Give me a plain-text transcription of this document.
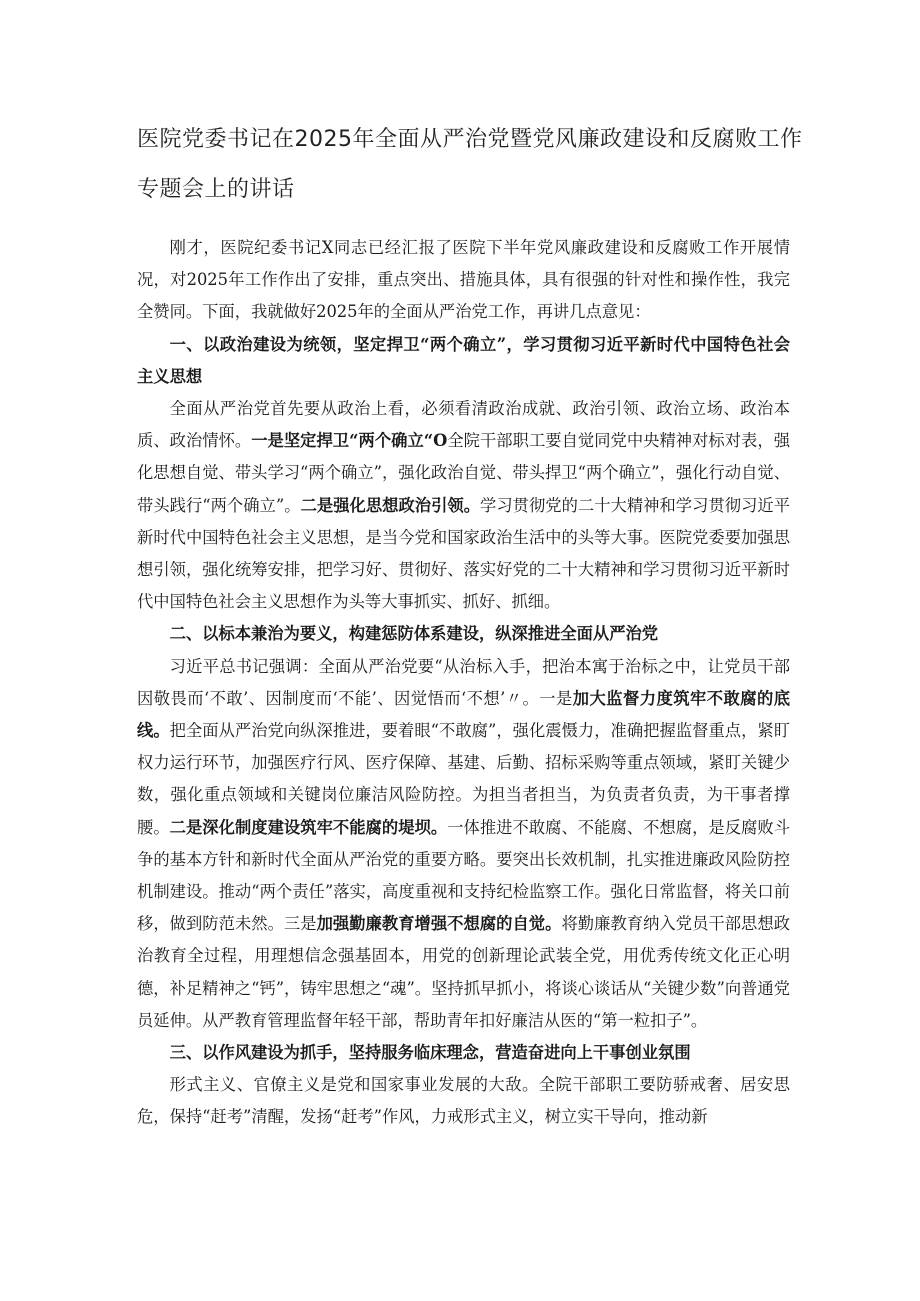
医院党委书记在2025年全面从严治党暨党风廉政建设和反腐败工作
专题会上的讲话

刚才，医院纪委书记X同志已经汇报了医院下半年党风廉政建设和反腐败工作开展情况，对2025年工作作出了安排，重点突出、措施具体，具有很强的针对性和操作性，我完全赞同。下面，我就做好2025年的全面从严治党工作，再讲几点意见：

一、以政治建设为统领，坚定捍卫“两个确立”，学习贯彻习近平新时代中国特色社会主义思想

全面从严治党首先要从政治上看，必须看清政治成就、政治引领、政治立场、政治本质、政治情怀。一是坚定捍卫“两个确立“O全院干部职工要自觉同党中央精神对标对表，强化思想自觉、带头学习“两个确立”，强化政治自觉、带头捍卫“两个确立”，强化行动自觉、带头践行“两个确立”。二是强化思想政治引领。学习贯彻党的二十大精神和学习贯彻习近平新时代中国特色社会主义思想，是当今党和国家政治生活中的头等大事。医院党委要加强思想引领，强化统筹安排，把学习好、贯彻好、落实好党的二十大精神和学习贯彻习近平新时代中国特色社会主义思想作为头等大事抓实、抓好、抓细。

二、以标本兼治为要义，构建惩防体系建设，纵深推进全面从严治党

习近平总书记强调：全面从严治党要“从治标入手，把治本寓于治标之中，让党员干部因敬畏而‘不敢’、因制度而‘不能’、因觉悟而‘不想’〃。一是加大监督力度筑牢不敢腐的底线。把全面从严治党向纵深推进，要着眼“不敢腐”，强化震慑力，准确把握监督重点，紧盯权力运行环节，加强医疗行风、医疗保障、基建、后勤、招标采购等重点领域，紧盯关键少数，强化重点领域和关键岗位廉洁风险防控。为担当者担当，为负责者负责，为干事者撑腰。二是深化制度建设筑牢不能腐的堤坝。一体推进不敢腐、不能腐、不想腐，是反腐败斗争的基本方针和新时代全面从严治党的重要方略。要突出长效机制，扎实推进廉政风险防控机制建设。推动“两个责任”落实，高度重视和支持纪检监察工作。强化日常监督，将关口前移，做到防范未然。三是加强勤廉教育增强不想腐的自觉。将勤廉教育纳入党员干部思想政治教育全过程，用理想信念强基固本，用党的创新理论武装全党，用优秀传统文化正心明德，补足精神之“钙”，铸牢思想之“魂”。坚持抓早抓小，将谈心谈话从“关键少数”向普通党员延伸。从严教育管理监督年轻干部，帮助青年扣好廉洁从医的“第一粒扣子”。

三、以作风建设为抓手，坚持服务临床理念，营造奋进向上干事创业氛围

形式主义、官僚主义是党和国家事业发展的大敌。全院干部职工要防骄戒奢、居安思危，保持“赶考”清醒，发扬“赶考”作风，力戒形式主义，树立实干导向，推动新
